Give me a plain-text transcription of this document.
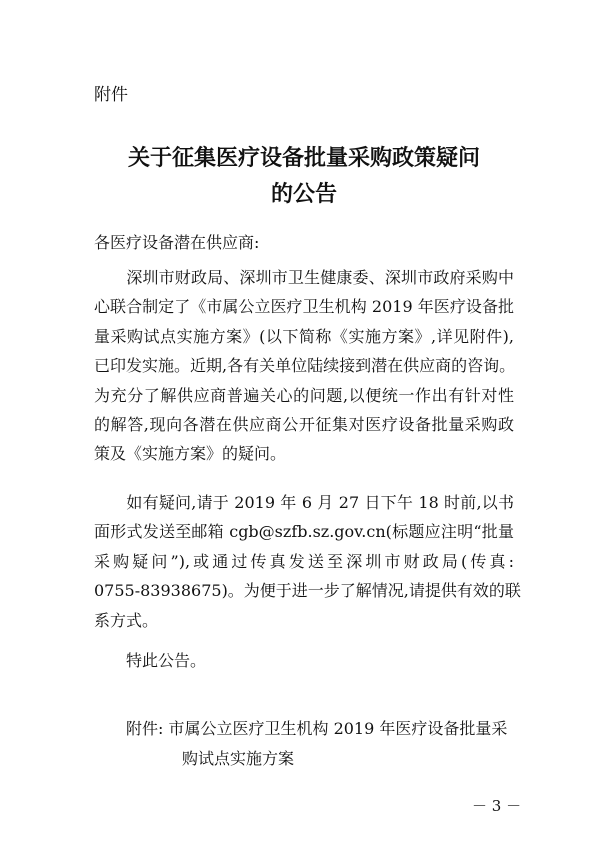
附件
关于征集医疗设备批量采购政策疑问
的公告
各医疗设备潜在供应商:
　　深圳市财政局、深圳市卫生健康委、深圳市政府采购中
心联合制定了《市属公立医疗卫生机构 2019 年医疗设备批
量采购试点实施方案》(以下简称《实施方案》,详见附件),
已印发实施。近期,各有关单位陆续接到潜在供应商的咨询。
为充分了解供应商普遍关心的问题,以便统一作出有针对性
的解答,现向各潜在供应商公开征集对医疗设备批量采购政
策及《实施方案》的疑问。
　　如有疑问,请于 2019 年 6 月 27 日下午 18 时前,以书
面形式发送至邮箱 cgb@szfb.sz.gov.cn(标题应注明“批量
采购疑问”),或通过传真发送至深圳市财政局(传真:
0755-83938675)。为便于进一步了解情况,请提供有效的联
系方式。
特此公告。
附件: 市属公立医疗卫生机构 2019 年医疗设备批量采
购试点实施方案
－ 3 －
